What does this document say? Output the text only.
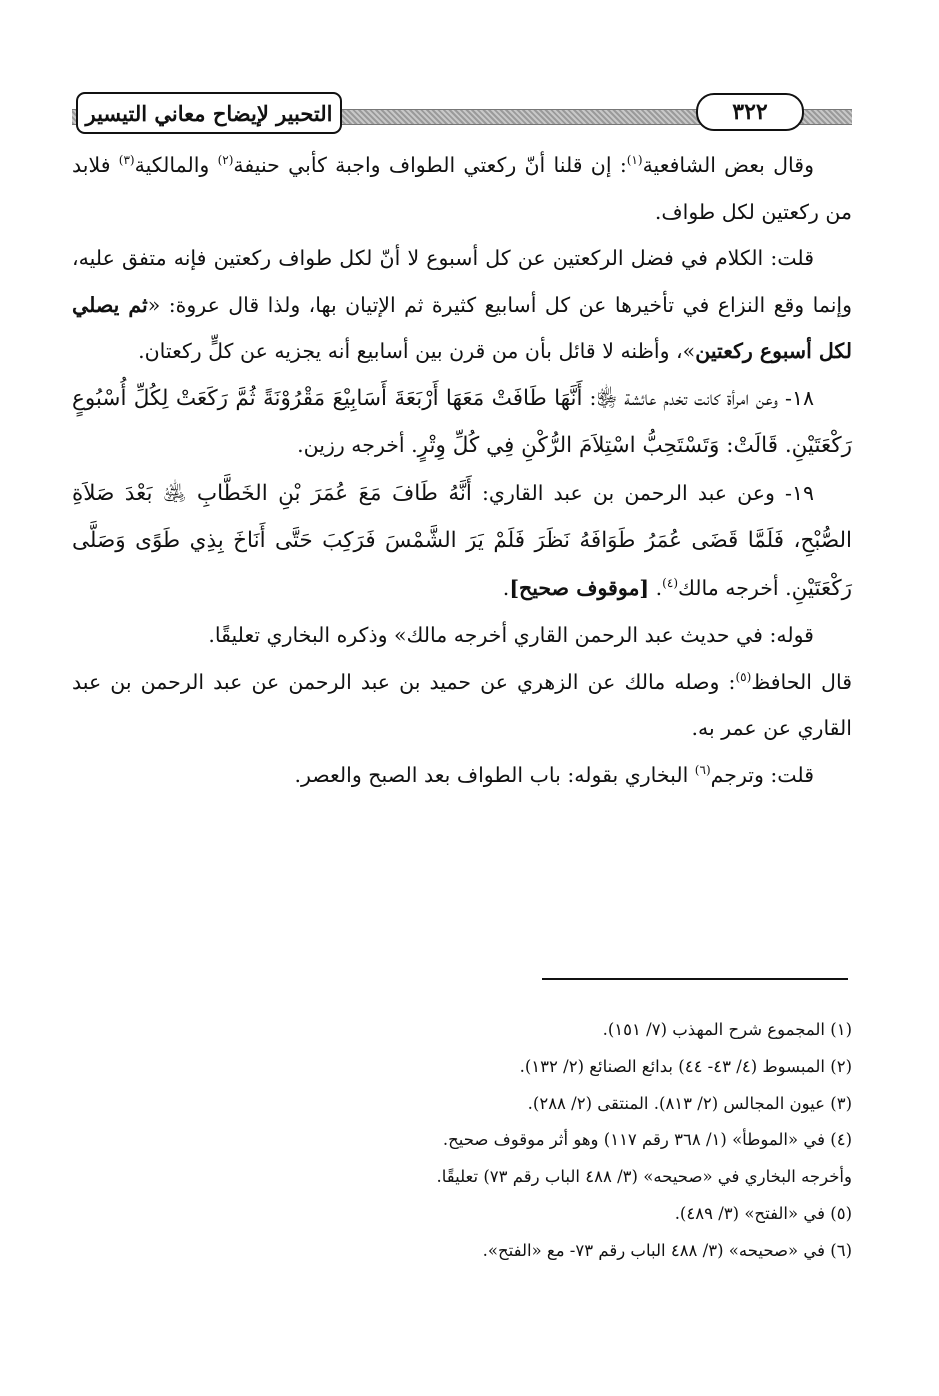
التحبير لإيضاح معاني التيسير	٣٢٢

وقال بعض الشافعية$^{(١)}$: إن قلنا أنّ ركعتي الطواف واجبة كأبي حنيفة$^{(٢)}$ والمالكية$^{(٣)}$ فلابد من ركعتين لكل طواف.

قلت: الكلام في فضل الركعتين عن كل أسبوع لا أنّ لكل طواف ركعتين فإنه متفق عليه، وإنما وقع النزاع في تأخيرها عن كل أسابيع كثيرة ثم الإتيان بها، ولذا قال عروة: «ثم يصلي لكل أسبوع ركعتين»، وأظنه لا قائل بأن من قرن بين أسابيع أنه يجزيه عن كلٍّ ركعتان.

١٨- وعن امرأة كانت تخدم عائشة ﵂: أَنَّهَا طَافَتْ مَعَهَا أَرْبَعَةَ أَسَابِيْعَ مَقْرُوْنَةً ثُمَّ رَكَعَتْ لِكُلِّ أُسْبُوعٍ رَكْعَتَيْنِ. قَالَتْ: وَتَسْتَحِبُّ اسْتِلاَمَ الرُّكْنِ فِي كُلِّ وِتْرٍ. أخرجه رزين.

١٩- وعن عبد الرحمن بن عبد القاري: أَنَّهُ طَافَ مَعَ عُمَرَ بْنِ الخَطَّابِ ﵁ بَعْدَ صَلاَةِ الصُّبْحِ، فَلَمَّا قَضَى عُمَرُ طَوَافَهُ نَظَرَ فَلَمْ يَرَ الشَّمْسَ فَرَكِبَ حَتَّى أَنَاخَ بِذِي طَوًى وَصَلَّى رَكْعَتَيْنِ. أخرجه مالك$^{(٤)}$. [موقوف صحيح].

قوله: في حديث عبد الرحمن القاري أخرجه مالك» وذكره البخاري تعليقًا.

قال الحافظ$^{(٥)}$: وصله مالك عن الزهري عن حميد بن عبد الرحمن عن عبد الرحمن بن عبد القاري عن عمر به.

قلت: وترجم$^{(٦)}$ البخاري بقوله: باب الطواف بعد الصبح والعصر.

(١) المجموع شرح المهذب (٧/ ١٥١).

(٢) المبسوط (٤/ ٤٣- ٤٤) بدائع الصنائع (٢/ ١٣٢).

(٣) عيون المجالس (٢/ ٨١٣). المنتقى (٢/ ٢٨٨).

(٤) في «الموطأ» (١/ ٣٦٨ رقم ١١٧) وهو أثر موقوف صحيح.

وأخرجه البخاري في «صحيحه» (٣/ ٤٨٨ الباب رقم ٧٣) تعليقًا.

(٥) في «الفتح» (٣/ ٤٨٩).

(٦) في «صحيحه» (٣/ ٤٨٨ الباب رقم ٧٣- مع «الفتح».
